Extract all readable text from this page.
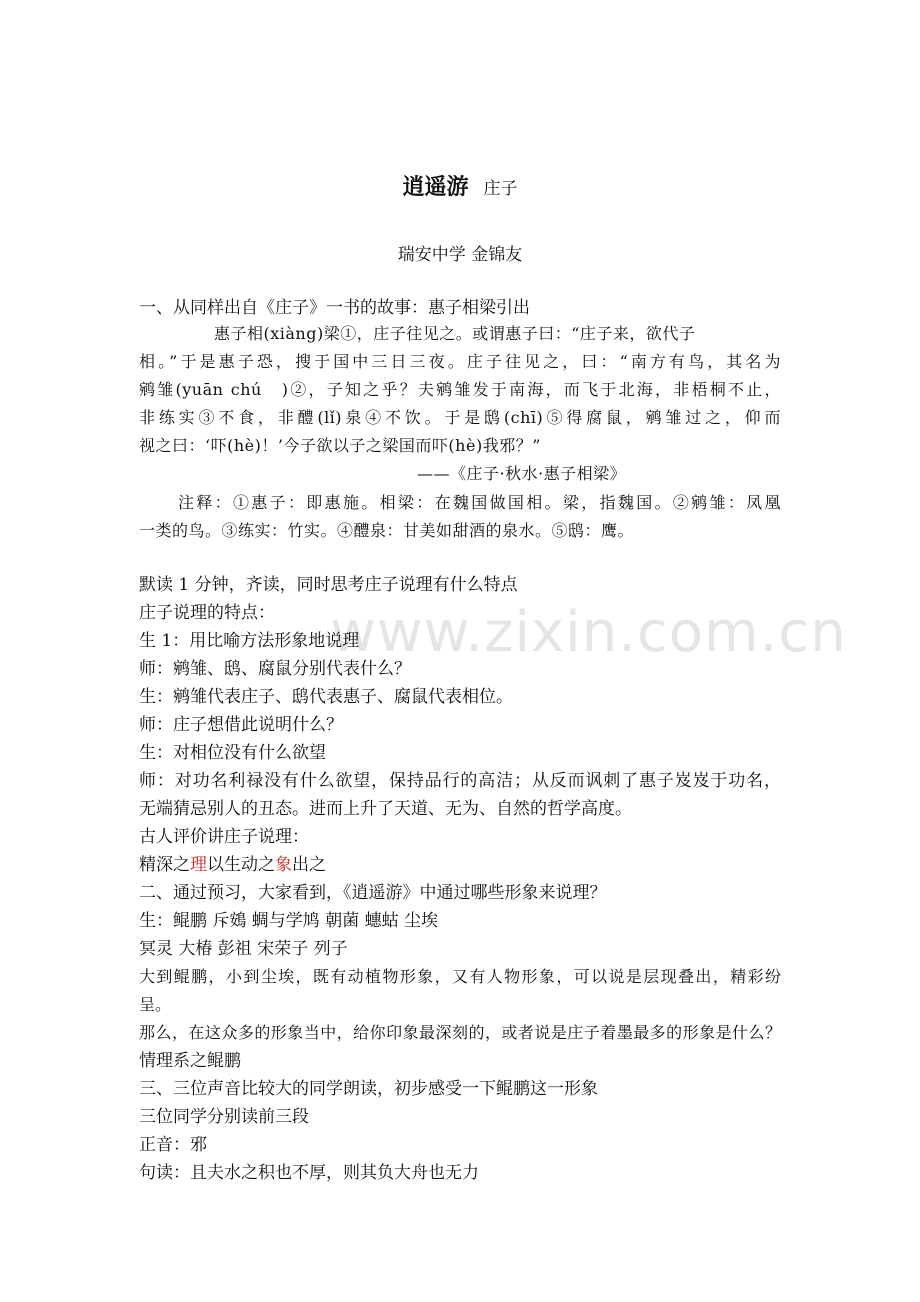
逍遥游 庄子
瑞安中学 金锦友
一、从同样出自《庄子》一书的故事：惠子相梁引出
惠子相(xiàng)梁①，庄子往见之。或谓惠子曰：“庄子来，欲代子
相。”于是惠子恐，搜于国中三日三夜。庄子往见之，曰：“南方有鸟，其名为
鹓雏(yuān chú　)②，子知之乎？夫鹓雏发于南海，而飞于北海，非梧桐不止，
非练实③不食，非醴(lǐ)泉④不饮。于是鸱(chī)⑤得腐鼠，鹓雏过之，仰而
视之曰：‘吓(hè)！’今子欲以子之梁国而吓(hè)我邪？”
——《庄子·秋水·惠子相梁》
注释：①惠子：即惠施。相梁：在魏国做国相。梁，指魏国。②鹓雏：凤凰
一类的鸟。③练实：竹实。④醴泉：甘美如甜酒的泉水。⑤鸱：鹰。
www.zixin.com.cn
默读 1 分钟，齐读，同时思考庄子说理有什么特点
庄子说理的特点：
生 1：用比喻方法形象地说理
师：鹓雏、鸱、腐鼠分别代表什么？
生：鹓雏代表庄子、鸱代表惠子、腐鼠代表相位。
师：庄子想借此说明什么？
生：对相位没有什么欲望
师：对功名利禄没有什么欲望，保持品行的高洁；从反而讽刺了惠子岌岌于功名，
无端猜忌别人的丑态。进而上升了天道、无为、自然的哲学高度。
古人评价讲庄子说理：
精深之理以生动之象出之
二、通过预习，大家看到，《逍遥游》中通过哪些形象来说理？
生：鲲鹏 斥鴳 蜩与学鸠 朝菌 蟪蛄 尘埃
冥灵 大椿 彭祖 宋荣子 列子
大到鲲鹏，小到尘埃，既有动植物形象，又有人物形象，可以说是层现叠出，精彩纷
呈。
那么，在这众多的形象当中，给你印象最深刻的，或者说是庄子着墨最多的形象是什么？
情理系之鲲鹏
三、三位声音比较大的同学朗读，初步感受一下鲲鹏这一形象
三位同学分别读前三段
正音：邪
句读：且夫水之积也不厚，则其负大舟也无力
